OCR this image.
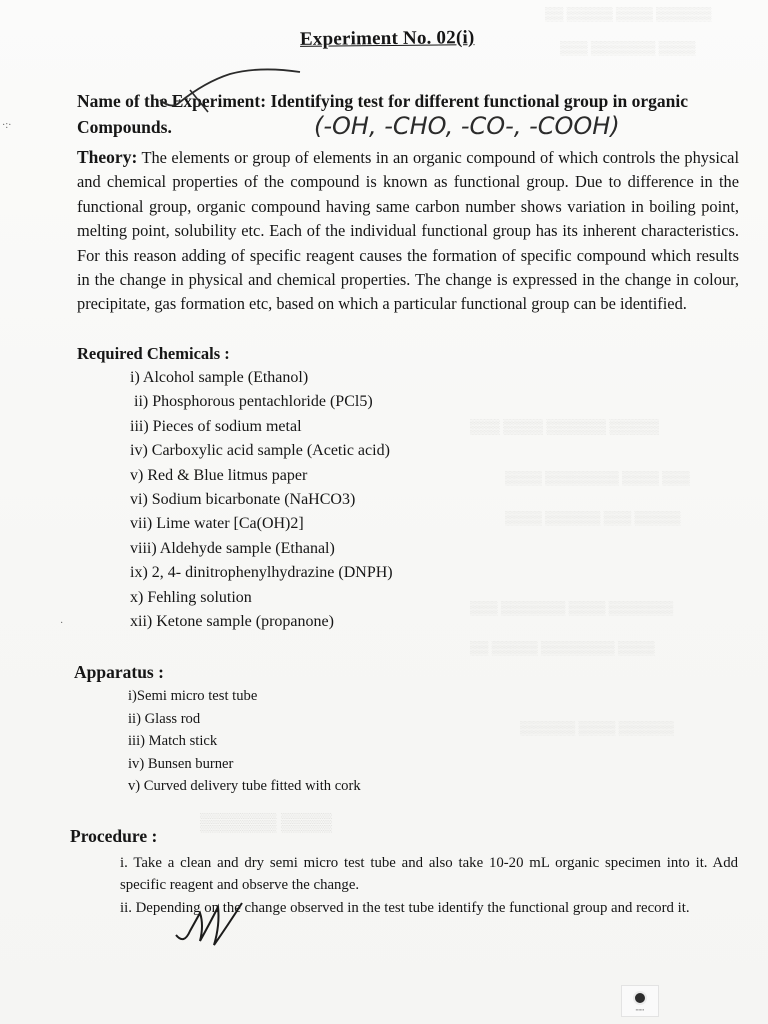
▒▒▒▒▒▒ ▒▒▒▒ ▒▒▒▒▒ ▒▒
▒▒▒▒ ▒▒▒▒▒▒▒ ▒▒▒
▒▒▒▒▒ ▒▒▒▒▒▒ ▒▒▒▒ ▒▒▒
▒▒▒ ▒▒▒▒ ▒▒▒▒▒▒▒▒ ▒▒▒▒
▒▒▒▒▒ ▒▒▒ ▒▒▒▒▒▒ ▒▒▒▒
▒▒▒▒▒▒▒ ▒▒▒▒ ▒▒▒▒▒▒▒ ▒▒▒
▒▒▒▒ ▒▒▒▒▒▒▒▒ ▒▒▒▒▒ ▒▒
▒▒▒▒▒▒ ▒▒▒▒ ▒▒▒▒▒▒
▒▒▒▒ ▒▒▒▒▒▒
·:·
·
Experiment No. 02(i)
Name of the Experiment: Identifying test for different functional group in organic Compounds.	(-OH, -CHO, -CO-, -COOH)
Theory: The elements or group of elements in an organic compound of which controls the physical and chemical properties of the compound is known as functional group. Due to difference in the functional group, organic compound having same carbon number shows variation in boiling point, melting point, solubility etc. Each of the individual functional group has its inherent characteristics. For this reason adding of specific reagent causes the formation of specific compound which results in the change in physical and chemical properties. The change is expressed in the change in colour, precipitate, gas formation etc, based on which a particular functional group can be identified.
Required Chemicals :
i) Alcohol sample (Ethanol)
ii) Phosphorous pentachloride (PCl5)
iii) Pieces of sodium metal
iv) Carboxylic acid sample (Acetic acid)
v) Red & Blue litmus paper
vi) Sodium bicarbonate (NaHCO3)
vii) Lime water [Ca(OH)2]
viii) Aldehyde sample (Ethanal)
ix) 2, 4- dinitrophenylhydrazine (DNPH)
x) Fehling solution
xii) Ketone sample (propanone)
Apparatus :
i)Semi micro test tube
ii) Glass rod
iii) Match stick
iv) Bunsen burner
v) Curved delivery tube fitted with cork
Procedure :

i. Take a clean and dry semi micro test tube and also take 10-20 mL organic specimen into it. Add specific reagent and observe the change.

ii. Depending on the change observed in the test tube identify the functional group and record it.

▪▪▪▪▪▪
